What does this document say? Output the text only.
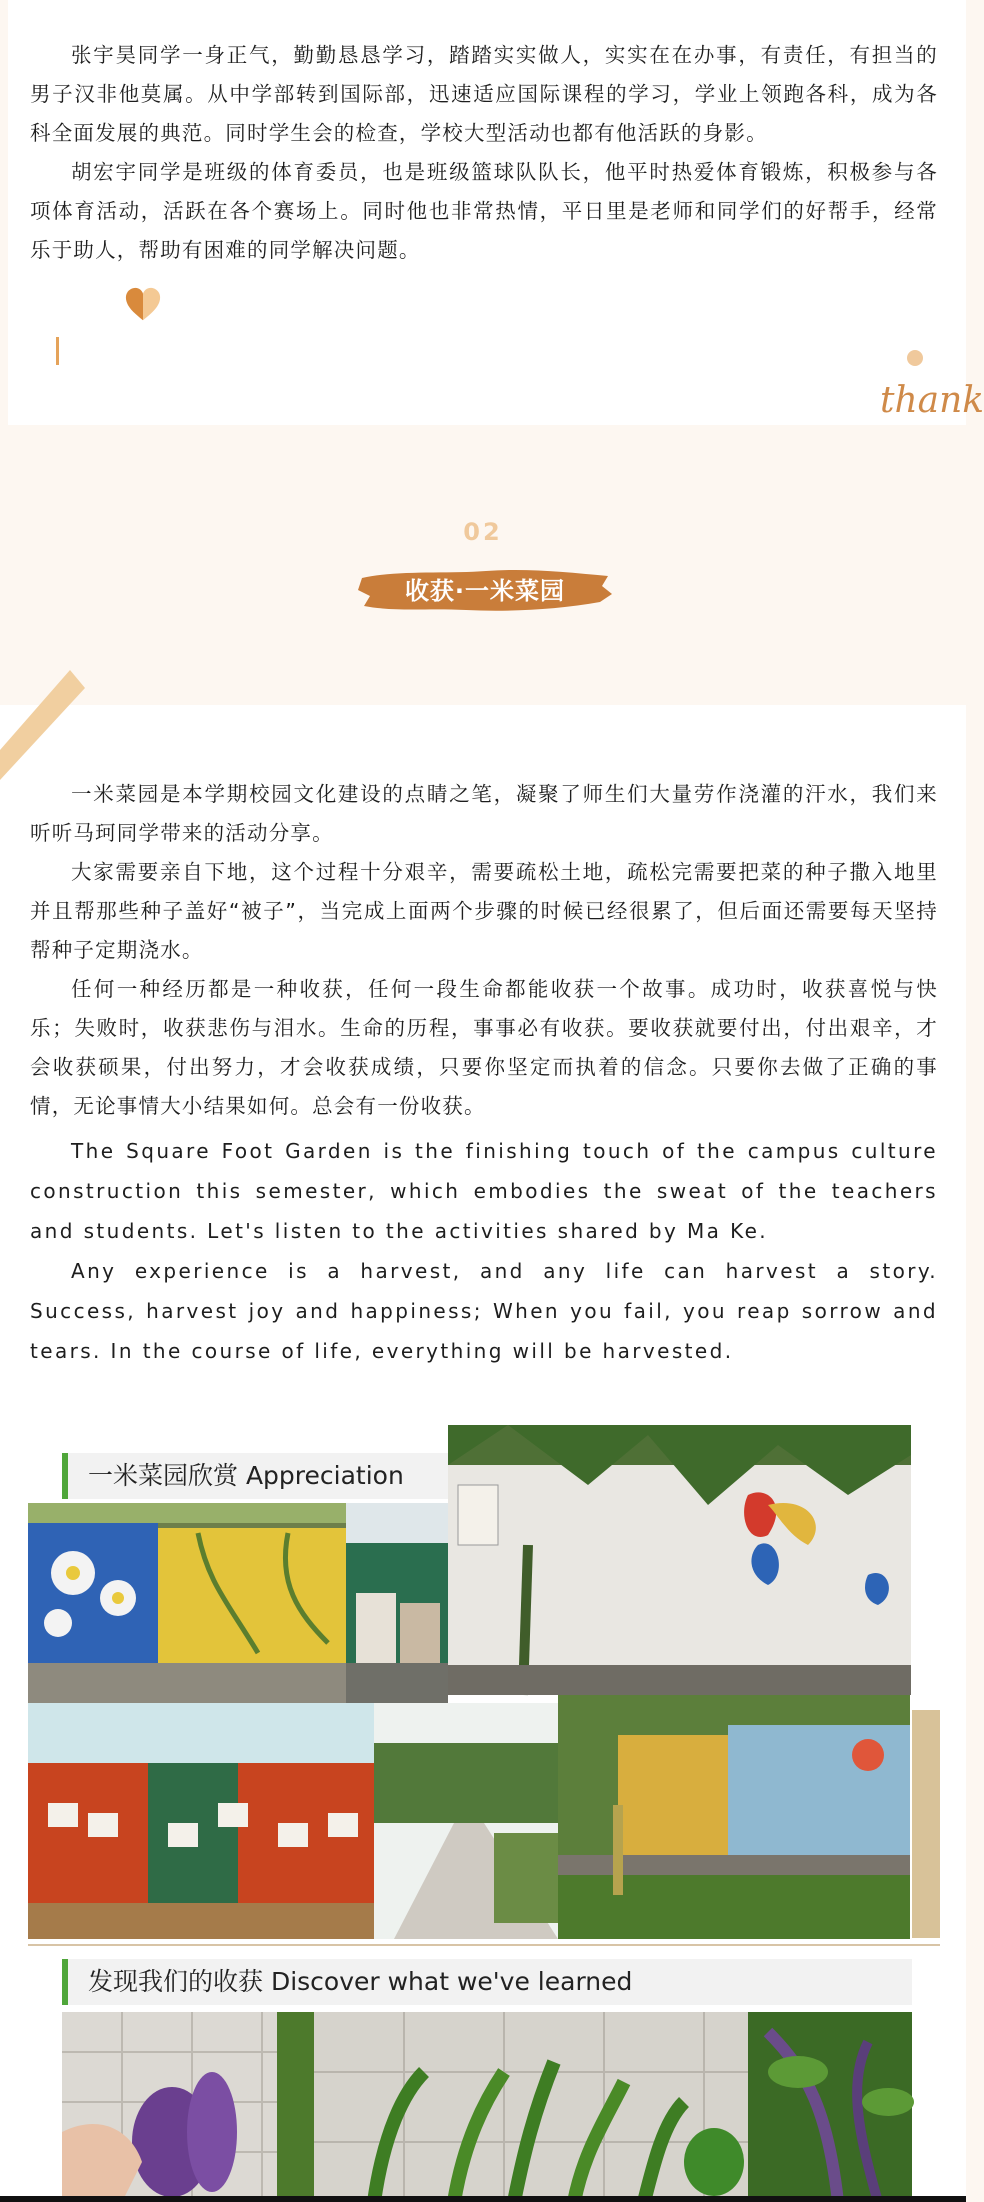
张宇昊同学一身正气，勤勤恳恳学习，踏踏实实做人，实实在在办事，有责任，有担当的男子汉非他莫属。从中学部转到国际部，迅速适应国际课程的学习，学业上领跑各科，成为各科全面发展的典范。同时学生会的检查，学校大型活动也都有他活跃的身影。

胡宏宇同学是班级的体育委员，也是班级篮球队队长，他平时热爱体育锻炼，积极参与各项体育活动，活跃在各个赛场上。同时他也非常热情，平日里是老师和同学们的好帮手，经常乐于助人，帮助有困难的同学解决问题。

thank
02
收获·一米菜园

一米菜园是本学期校园文化建设的点睛之笔，凝聚了师生们大量劳作浇灌的汗水，我们来听听马珂同学带来的活动分享。

大家需要亲自下地，这个过程十分艰辛，需要疏松土地，疏松完需要把菜的种子撒入地里并且帮那些种子盖好“被子”，当完成上面两个步骤的时候已经很累了，但后面还需要每天坚持帮种子定期浇水。

任何一种经历都是一种收获，任何一段生命都能收获一个故事。成功时，收获喜悦与快乐；失败时，收获悲伤与泪水。生命的历程，事事必有收获。要收获就要付出，付出艰辛，才会收获硕果，付出努力，才会收获成绩，只要你坚定而执着的信念。只要你去做了正确的事情，无论事情大小结果如何。总会有一份收获。

The Square Foot Garden is the finishing touch of the campus culture construction this semester, which embodies the sweat of the teachers and students. Let's listen to the activities shared by Ma Ke.

Any experience is a harvest, and any life can harvest a story. Success, harvest joy and happiness; When you fail, you reap sorrow and tears. In the course of life, everything will be harvested.

一米菜园欣赏 Appreciation
发现我们的收获 Discover what we've learned
